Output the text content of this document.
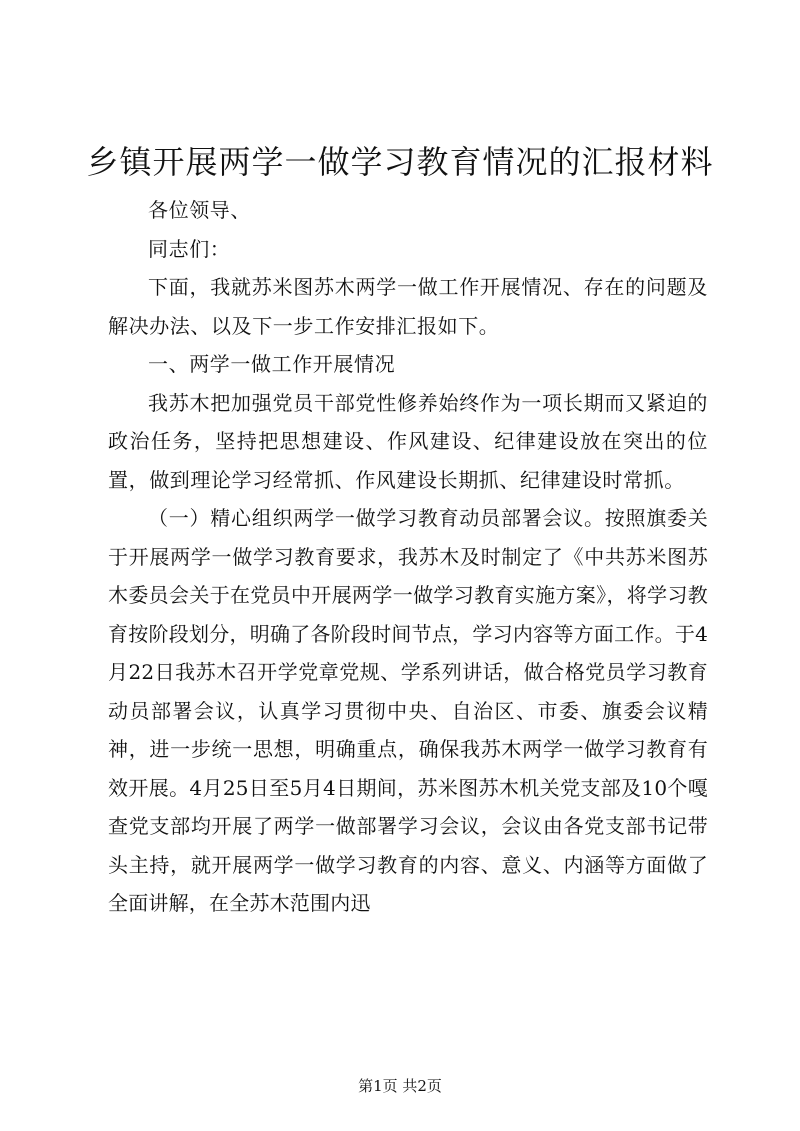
乡镇开展两学一做学习教育情况的汇报材料

各位领导、

同志们：

下面，我就苏米图苏木两学一做工作开展情况、存在的问题及解决办法、以及下一步工作安排汇报如下。

一、两学一做工作开展情况

我苏木把加强党员干部党性修养始终作为一项长期而又紧迫的政治任务，坚持把思想建设、作风建设、纪律建设放在突出的位置，做到理论学习经常抓、作风建设长期抓、纪律建设时常抓。

（一）精心组织两学一做学习教育动员部署会议。按照旗委关于开展两学一做学习教育要求，我苏木及时制定了《中共苏米图苏木委员会关于在党员中开展两学一做学习教育实施方案》，将学习教育按阶段划分，明确了各阶段时间节点，学习内容等方面工作。于4月22日我苏木召开学党章党规、学系列讲话，做合格党员学习教育动员部署会议，认真学习贯彻中央、自治区、市委、旗委会议精神，进一步统一思想，明确重点，确保我苏木两学一做学习教育有效开展。4月25日至5月4日期间，苏米图苏木机关党支部及10个嘎查党支部均开展了两学一做部署学习会议，会议由各党支部书记带头主持，就开展两学一做学习教育的内容、意义、内涵等方面做了全面讲解，在全苏木范围内迅

第1页 共2页
